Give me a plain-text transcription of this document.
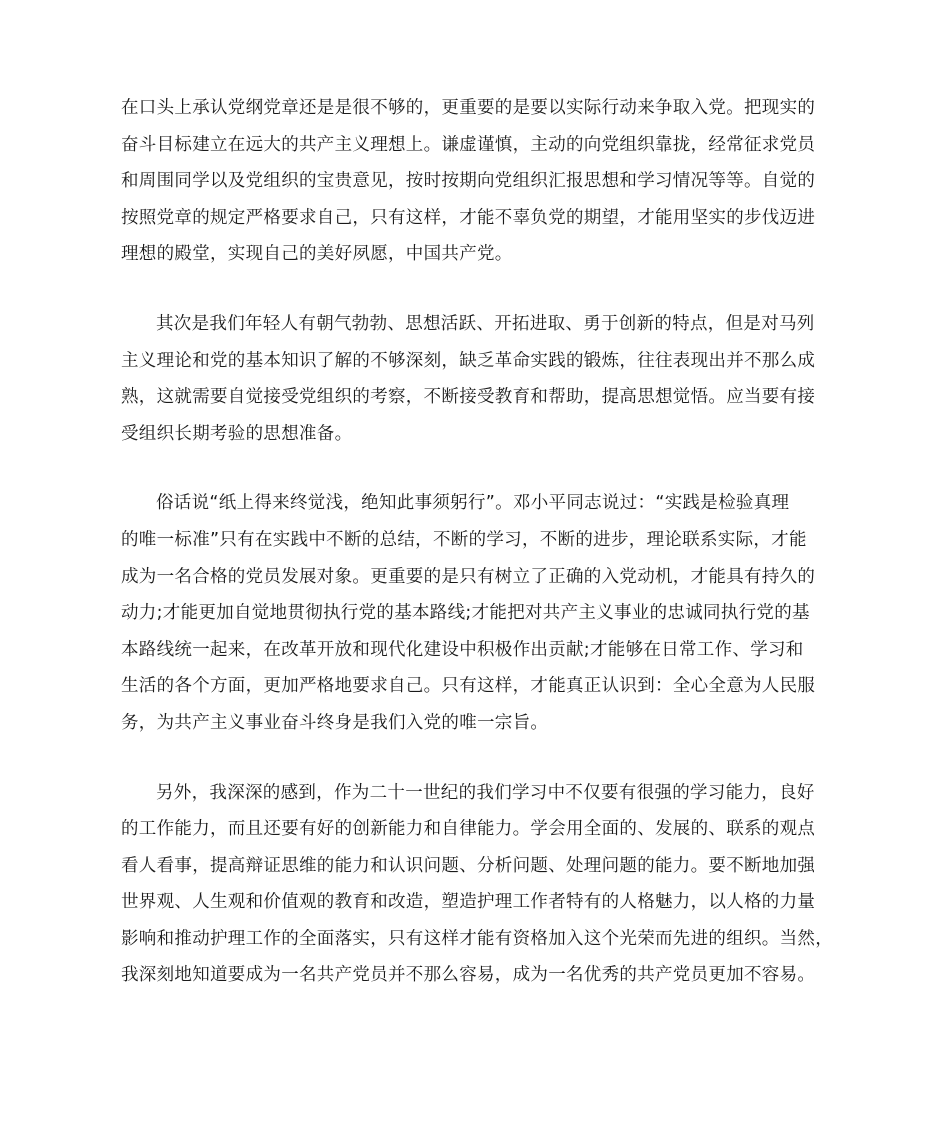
在口头上承认党纲党章还是是很不够的，更重要的是要以实际行动来争取入党。把现实的
奋斗目标建立在远大的共产主义理想上。谦虚谨慎，主动的向党组织靠拢，经常征求党员
和周围同学以及党组织的宝贵意见，按时按期向党组织汇报思想和学习情况等等。自觉的
按照党章的规定严格要求自己，只有这样，才能不辜负党的期望，才能用坚实的步伐迈进
理想的殿堂，实现自己的美好夙愿，中国共产党。

其次是我们年轻人有朝气勃勃、思想活跃、开拓进取、勇于创新的特点，但是对马列
主义理论和党的基本知识了解的不够深刻，缺乏革命实践的锻炼，往往表现出并不那么成
熟，这就需要自觉接受党组织的考察，不断接受教育和帮助，提高思想觉悟。应当要有接
受组织长期考验的思想准备。

俗话说“纸上得来终觉浅，绝知此事须躬行”。邓小平同志说过：“实践是检验真理
的唯一标准”只有在实践中不断的总结，不断的学习，不断的进步，理论联系实际，才能
成为一名合格的党员发展对象。更重要的是只有树立了正确的入党动机，才能具有持久的
动力;才能更加自觉地贯彻执行党的基本路线;才能把对共产主义事业的忠诚同执行党的基
本路线统一起来，在改革开放和现代化建设中积极作出贡献;才能够在日常工作、学习和
生活的各个方面，更加严格地要求自己。只有这样，才能真正认识到：全心全意为人民服
务，为共产主义事业奋斗终身是我们入党的唯一宗旨。

另外，我深深的感到，作为二十一世纪的我们学习中不仅要有很强的学习能力，良好
的工作能力，而且还要有好的创新能力和自律能力。学会用全面的、发展的、联系的观点
看人看事，提高辩证思维的能力和认识问题、分析问题、处理问题的能力。要不断地加强
世界观、人生观和价值观的教育和改造，塑造护理工作者特有的人格魅力，以人格的力量
影响和推动护理工作的全面落实，只有这样才能有资格加入这个光荣而先进的组织。当然，
我深刻地知道要成为一名共产党员并不那么容易，成为一名优秀的共产党员更加不容易。
